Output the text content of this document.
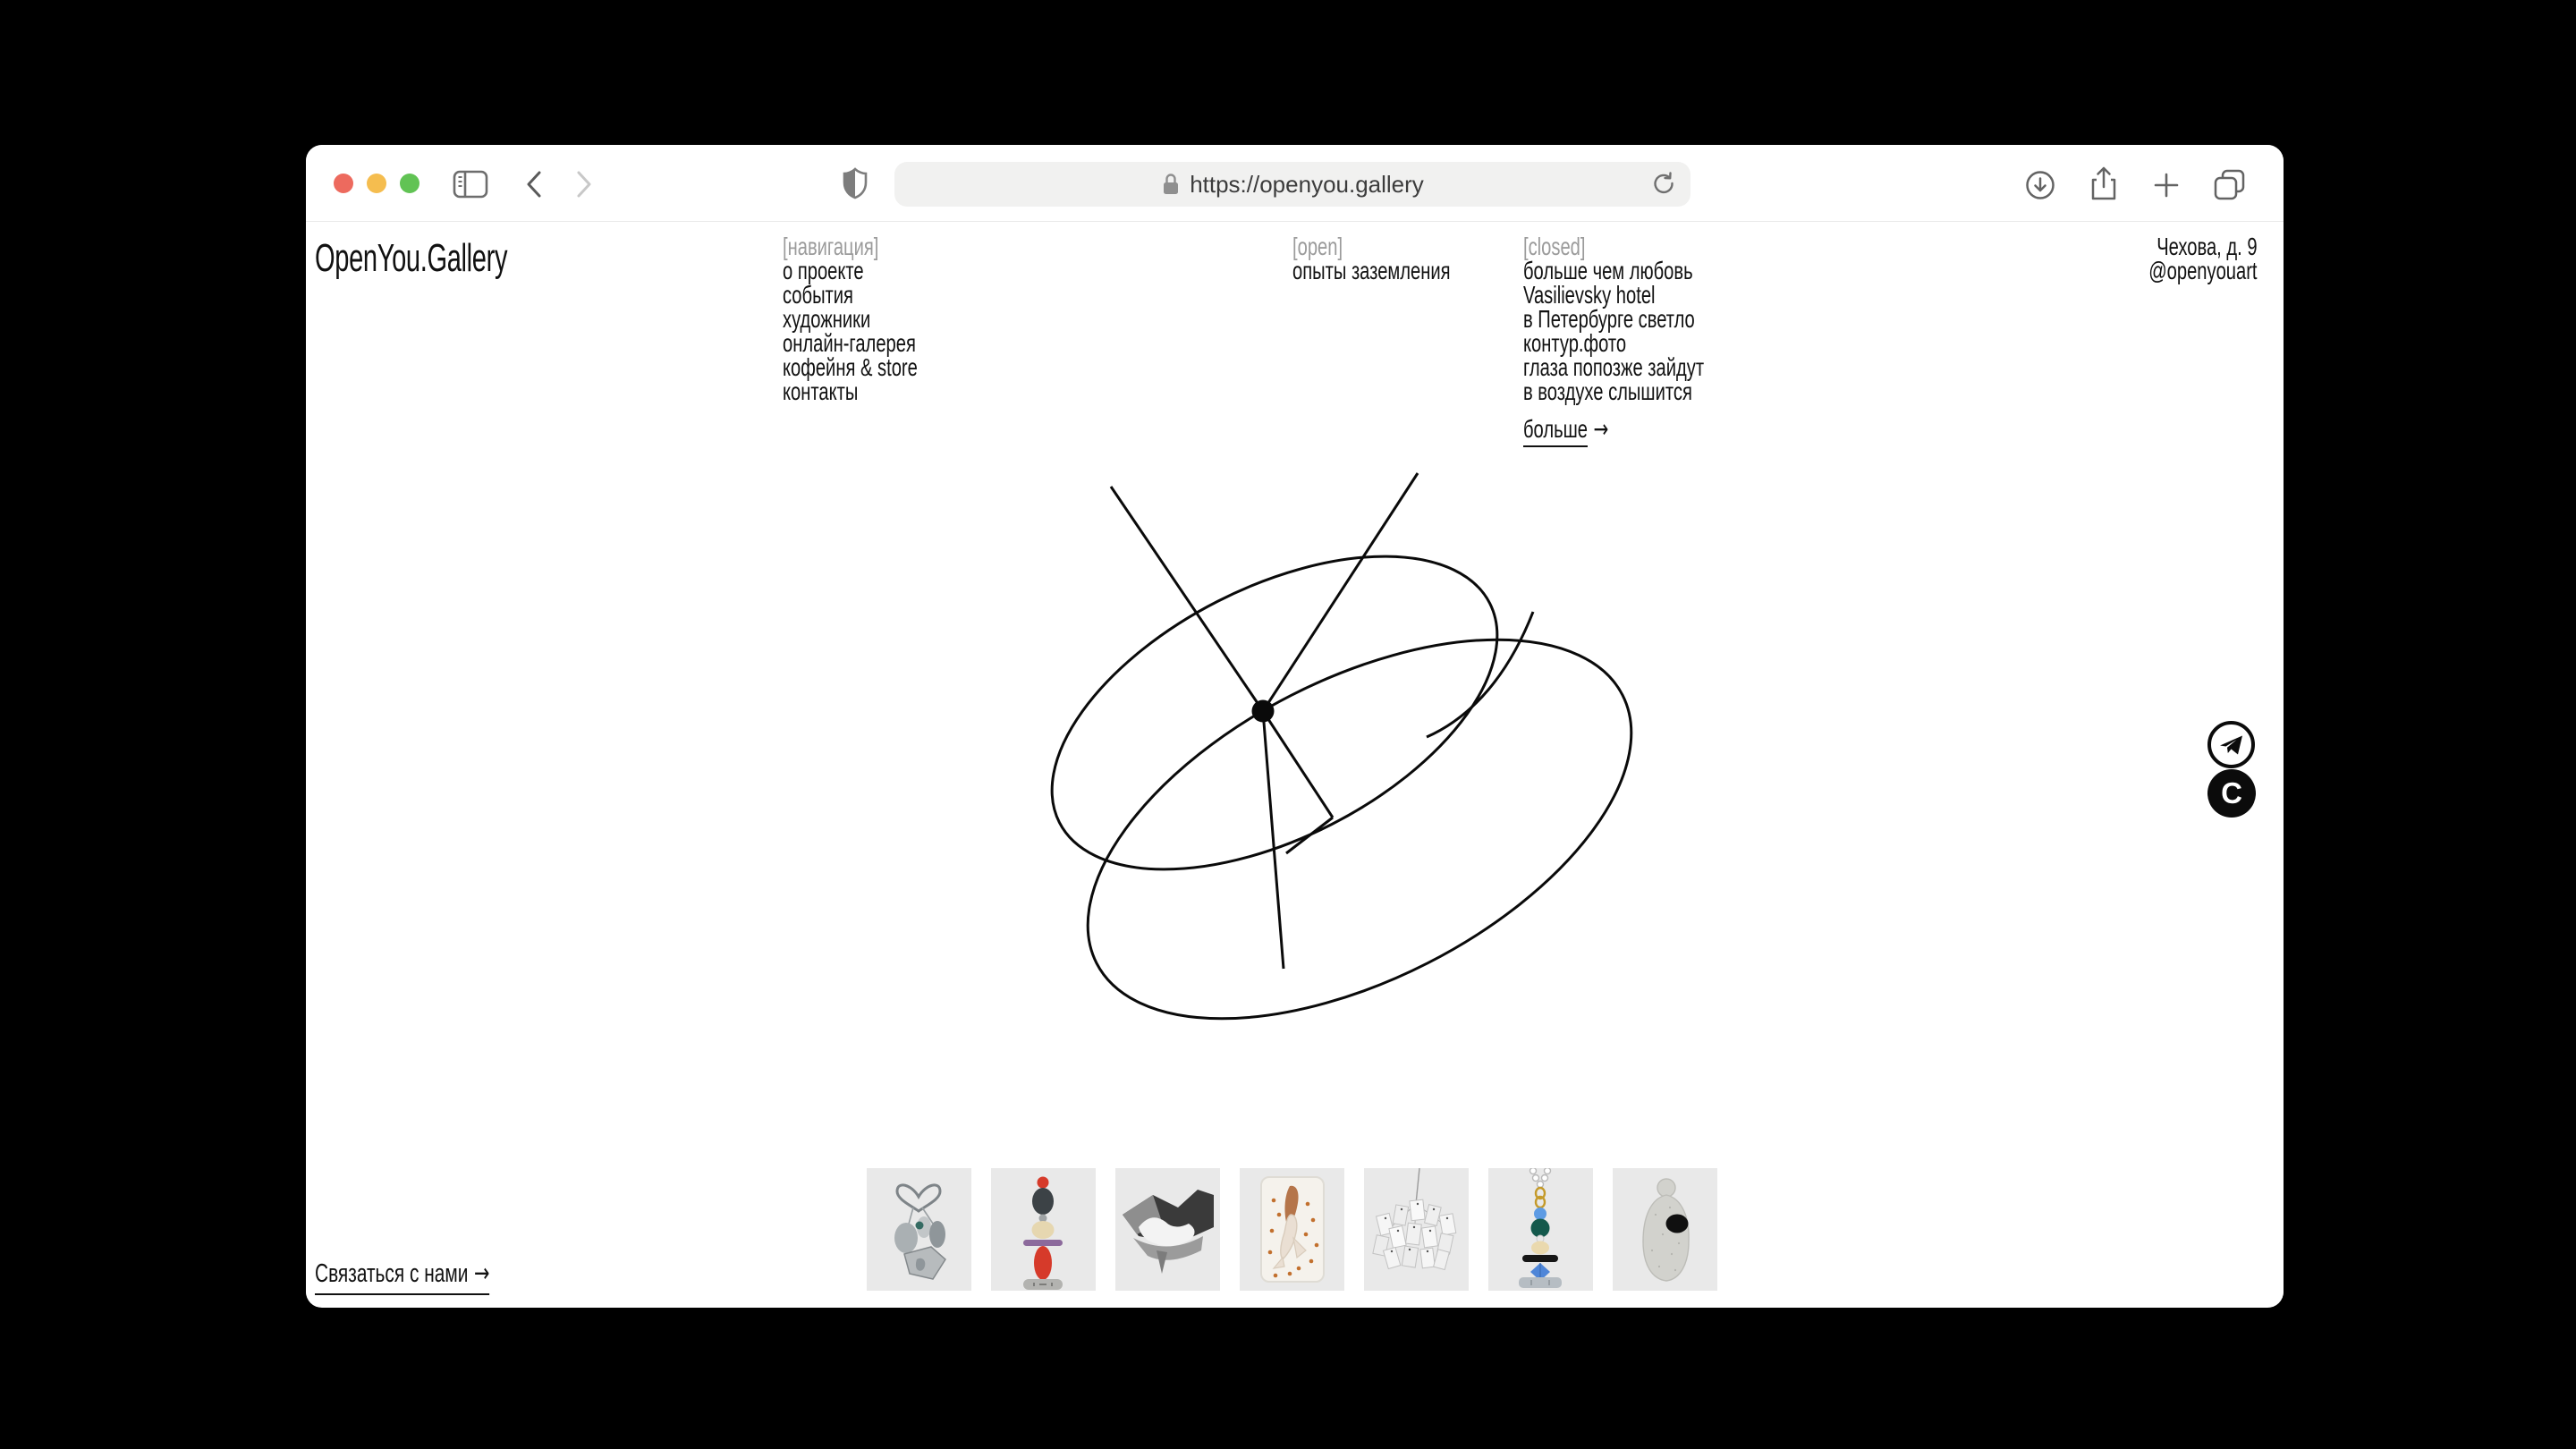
https://openyou.gallery
OpenYou.Gallery	[навигация]
о проекте
события
художники
онлайн-галерея
кофейня & store
контакты
[open]
опыты заземления
[closed]
больше чем любовь
Vasilievsky hotel
в Петербурге светло
контур.фото
глаза попозже зайдут
в воздухе слышится
больше →
Чехова, д. 9
@openyouart
C
Связаться с нами →
